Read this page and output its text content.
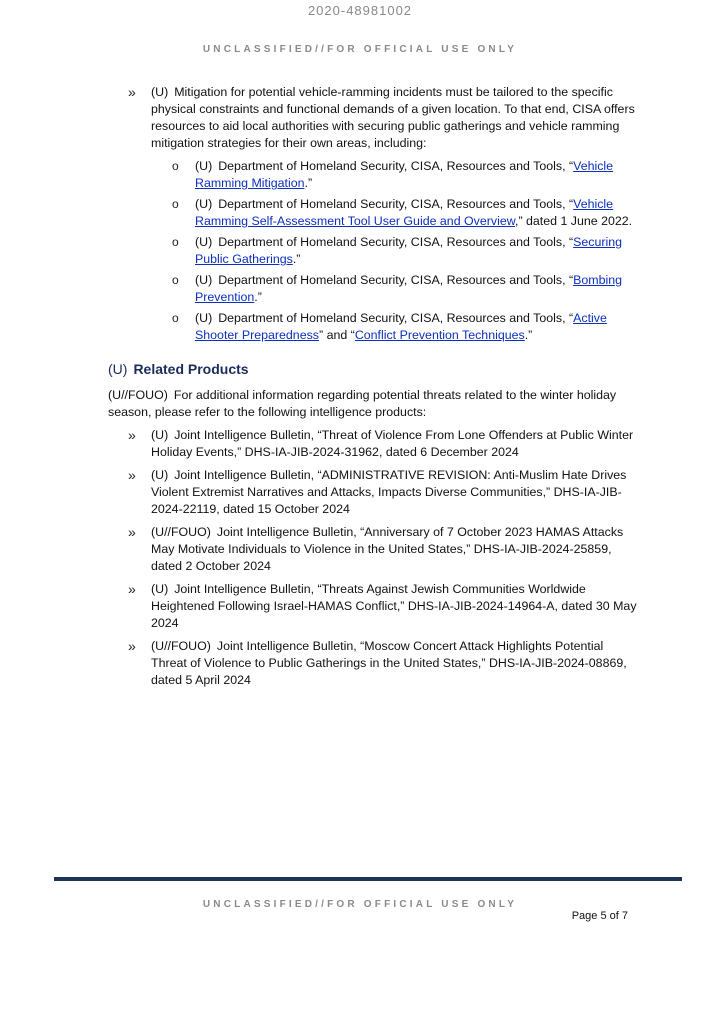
2020-48981002
UNCLASSIFIED//FOR OFFICIAL USE ONLY
» (U) Mitigation for potential vehicle-ramming incidents must be tailored to the specific physical constraints and functional demands of a given location. To that end, CISA offers resources to aid local authorities with securing public gatherings and vehicle ramming mitigation strategies for their own areas, including:
o (U) Department of Homeland Security, CISA, Resources and Tools, “Vehicle Ramming Mitigation.”
o (U) Department of Homeland Security, CISA, Resources and Tools, “Vehicle Ramming Self-Assessment Tool User Guide and Overview,” dated 1 June 2022.
o (U) Department of Homeland Security, CISA, Resources and Tools, “Securing Public Gatherings.”
o (U) Department of Homeland Security, CISA, Resources and Tools, “Bombing Prevention.”
o (U) Department of Homeland Security, CISA, Resources and Tools, “Active Shooter Preparedness” and “Conflict Prevention Techniques.”
(U) Related Products

(U//FOUO) For additional information regarding potential threats related to the winter holiday season, please refer to the following intelligence products:

» (U) Joint Intelligence Bulletin, “Threat of Violence From Lone Offenders at Public Winter Holiday Events,” DHS-IA-JIB-2024-31962, dated 6 December 2024
» (U) Joint Intelligence Bulletin, “ADMINISTRATIVE REVISION: Anti-Muslim Hate Drives Violent Extremist Narratives and Attacks, Impacts Diverse Communities,” DHS-IA-JIB-2024-22119, dated 15 October 2024
» (U//FOUO) Joint Intelligence Bulletin, “Anniversary of 7 October 2023 HAMAS Attacks May Motivate Individuals to Violence in the United States,” DHS-IA-JIB-2024-25859, dated 2 October 2024
» (U) Joint Intelligence Bulletin, “Threats Against Jewish Communities Worldwide Heightened Following Israel-HAMAS Conflict,” DHS-IA-JIB-2024-14964-A, dated 30 May 2024
» (U//FOUO) Joint Intelligence Bulletin, “Moscow Concert Attack Highlights Potential Threat of Violence to Public Gatherings in the United States,” DHS-IA-JIB-2024-08869, dated 5 April 2024
UNCLASSIFIED//FOR OFFICIAL USE ONLY
Page 5 of 7
